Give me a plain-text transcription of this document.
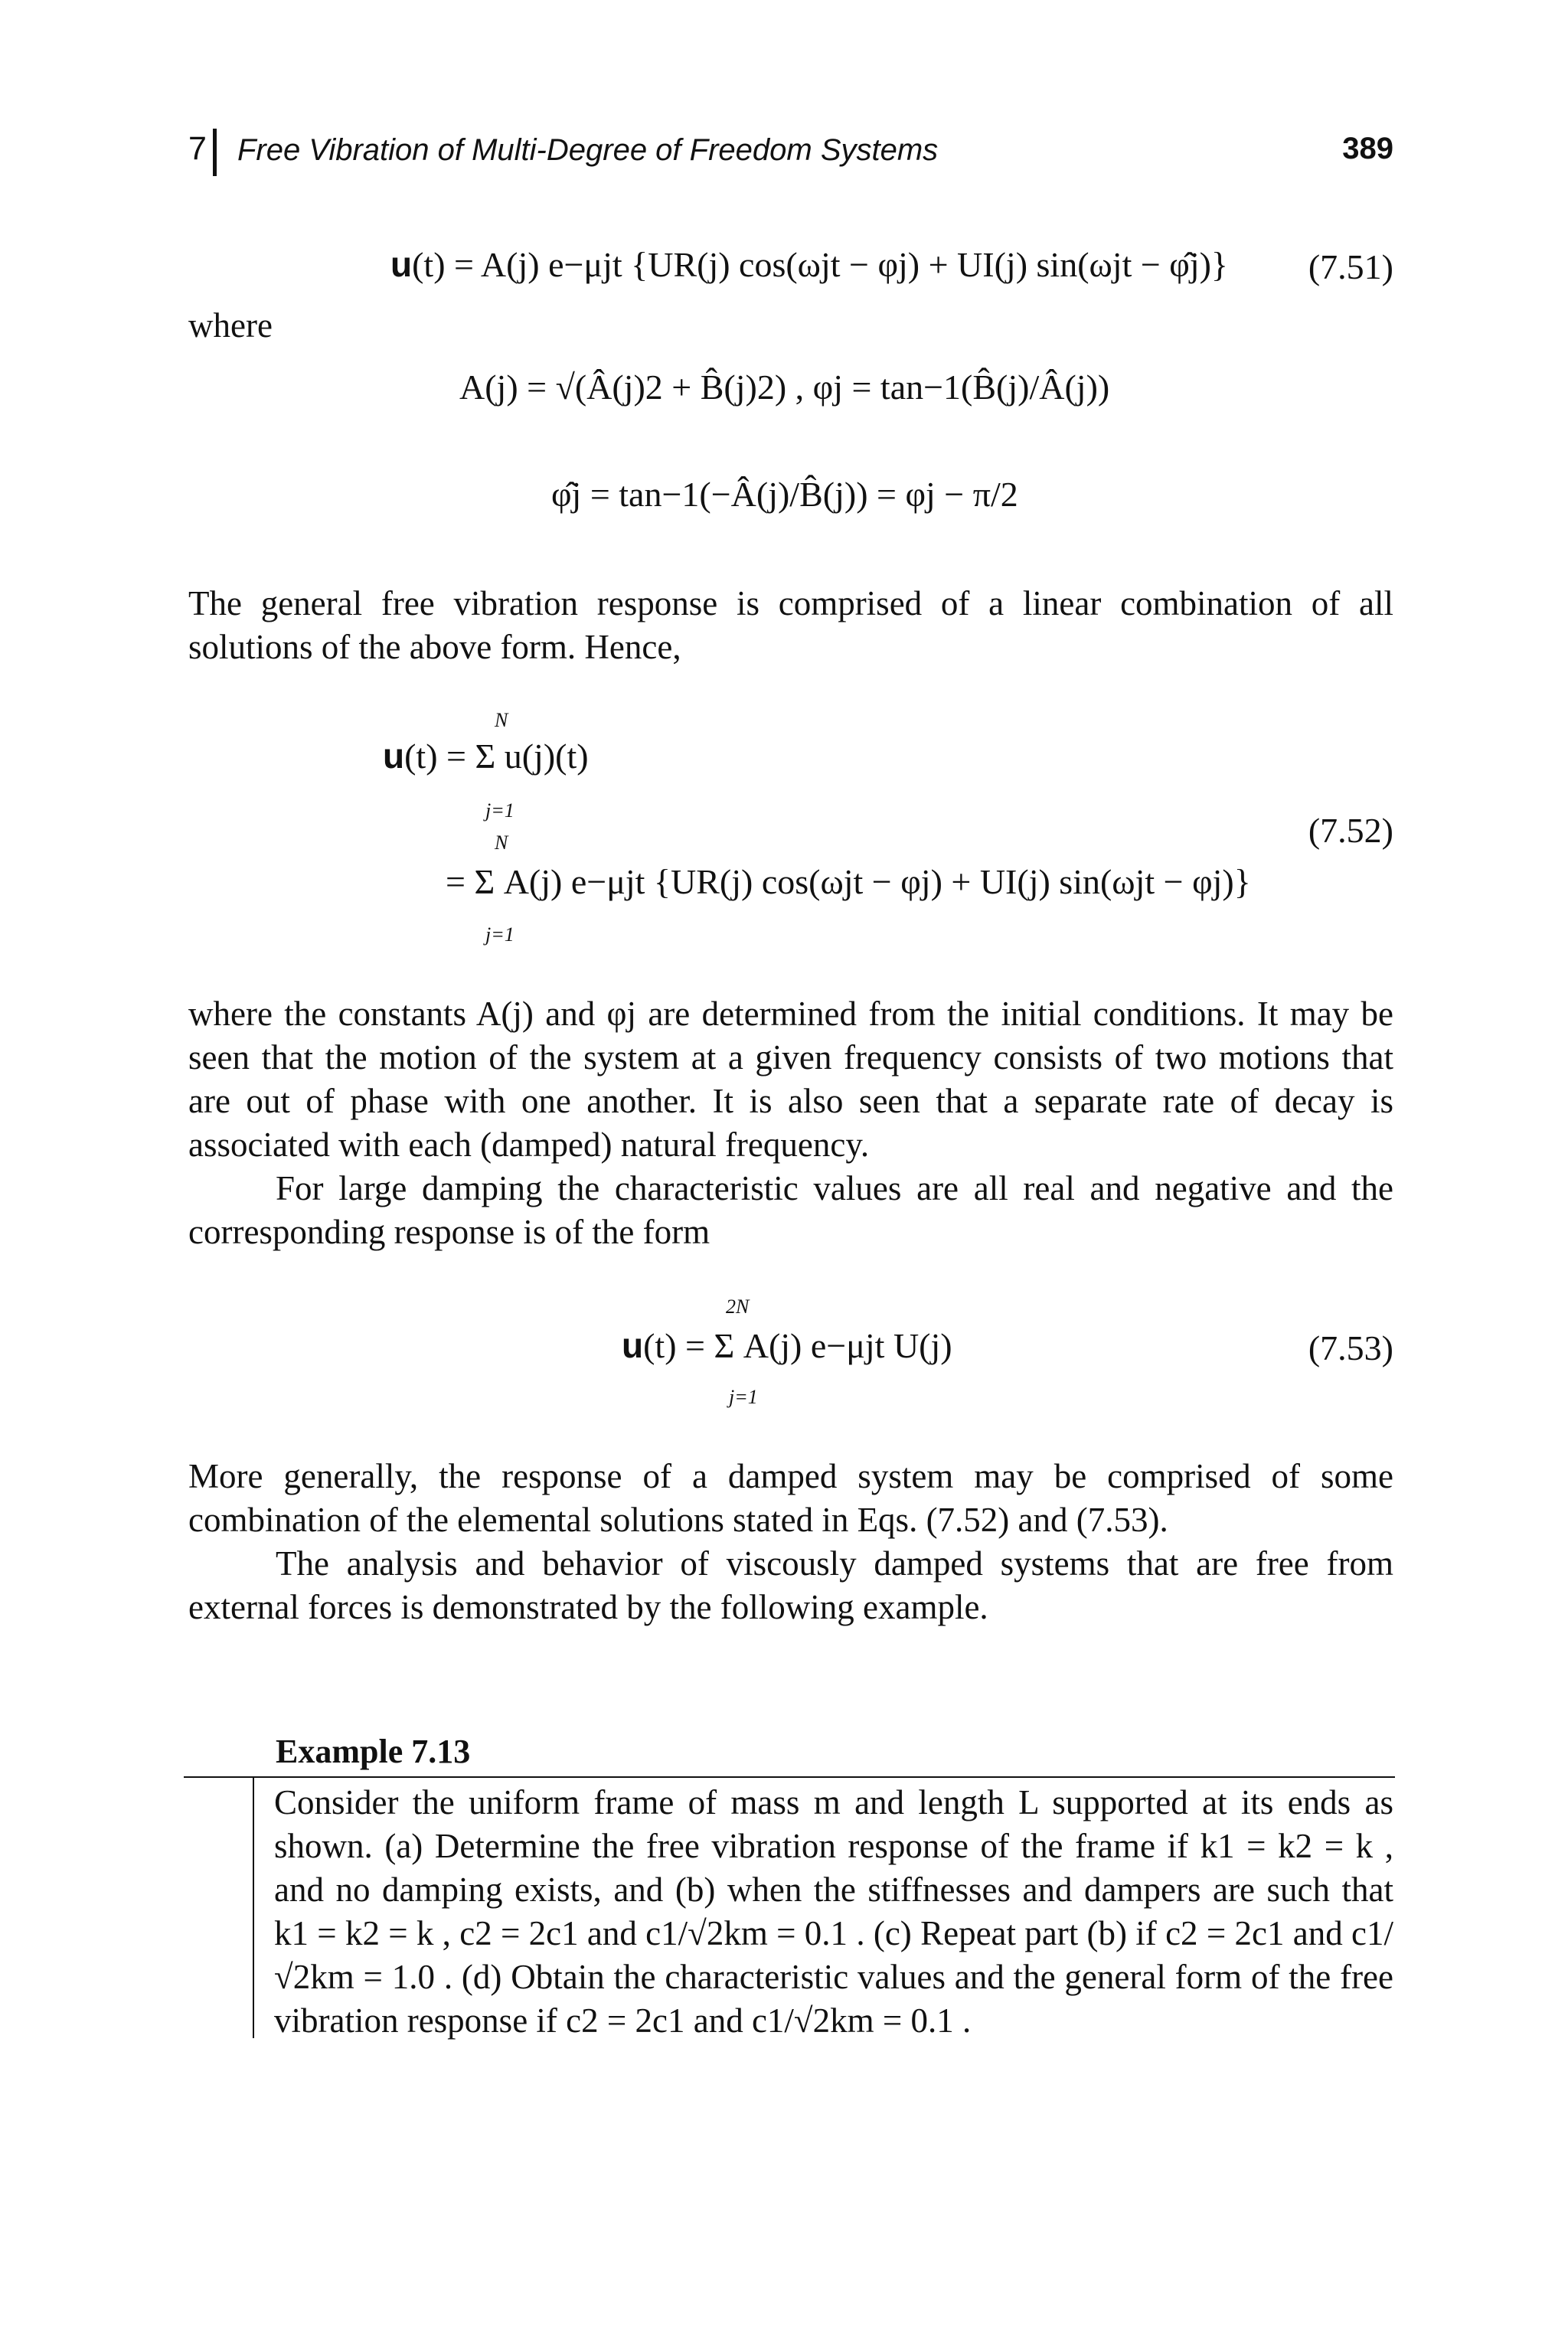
7 Free Vibration of Multi-Degree of Freedom Systems	389
u(t) = A(j) e−μjt {UR(j) cos(ωjt − φj) + UI(j) sin(ωjt − φ̂j)} (7.51)
where
A(j) = √(Â(j)2 + B̂(j)2) , φj = tan−1(B̂(j)/Â(j))
φ̂j = tan−1(−Â(j)/B̂(j)) = φj − π/2

The general free vibration response is comprised of a linear combination of all solutions of the above form. Hence,

N
u(t) = Σ u(j)(t)
j=1
(7.52)
N
= Σ A(j) e−μjt {UR(j) cos(ωjt − φj) + UI(j) sin(ωjt − φj)}
j=1

where the constants A(j) and φj are determined from the initial conditions. It may be seen that the motion of the system at a given frequency consists of two motions that are out of phase with one another. It is also seen that a separate rate of decay is associated with each (damped) natural frequency.

For large damping the characteristic values are all real and negative and the corresponding response is of the form

2N
u(t) = Σ A(j) e−μjt U(j)
j=1
(7.53)

More generally, the response of a damped system may be comprised of some combination of the elemental solutions stated in Eqs. (7.52) and (7.53).

The analysis and behavior of viscously damped systems that are free from external forces is demonstrated by the following example.

Example 7.13

Consider the uniform frame of mass m and length L supported at its ends as shown. (a) Determine the free vibration response of the frame if k1 = k2 = k , and no damping exists, and (b) when the stiffnesses and dampers are such that k1 = k2 = k , c2 = 2c1 and c1/√2km = 0.1 . (c) Repeat part (b) if c2 = 2c1 and c1/√2km = 1.0 . (d) Obtain the characteristic values and the general form of the free vibration response if c2 = 2c1 and c1/√2km = 0.1 .
